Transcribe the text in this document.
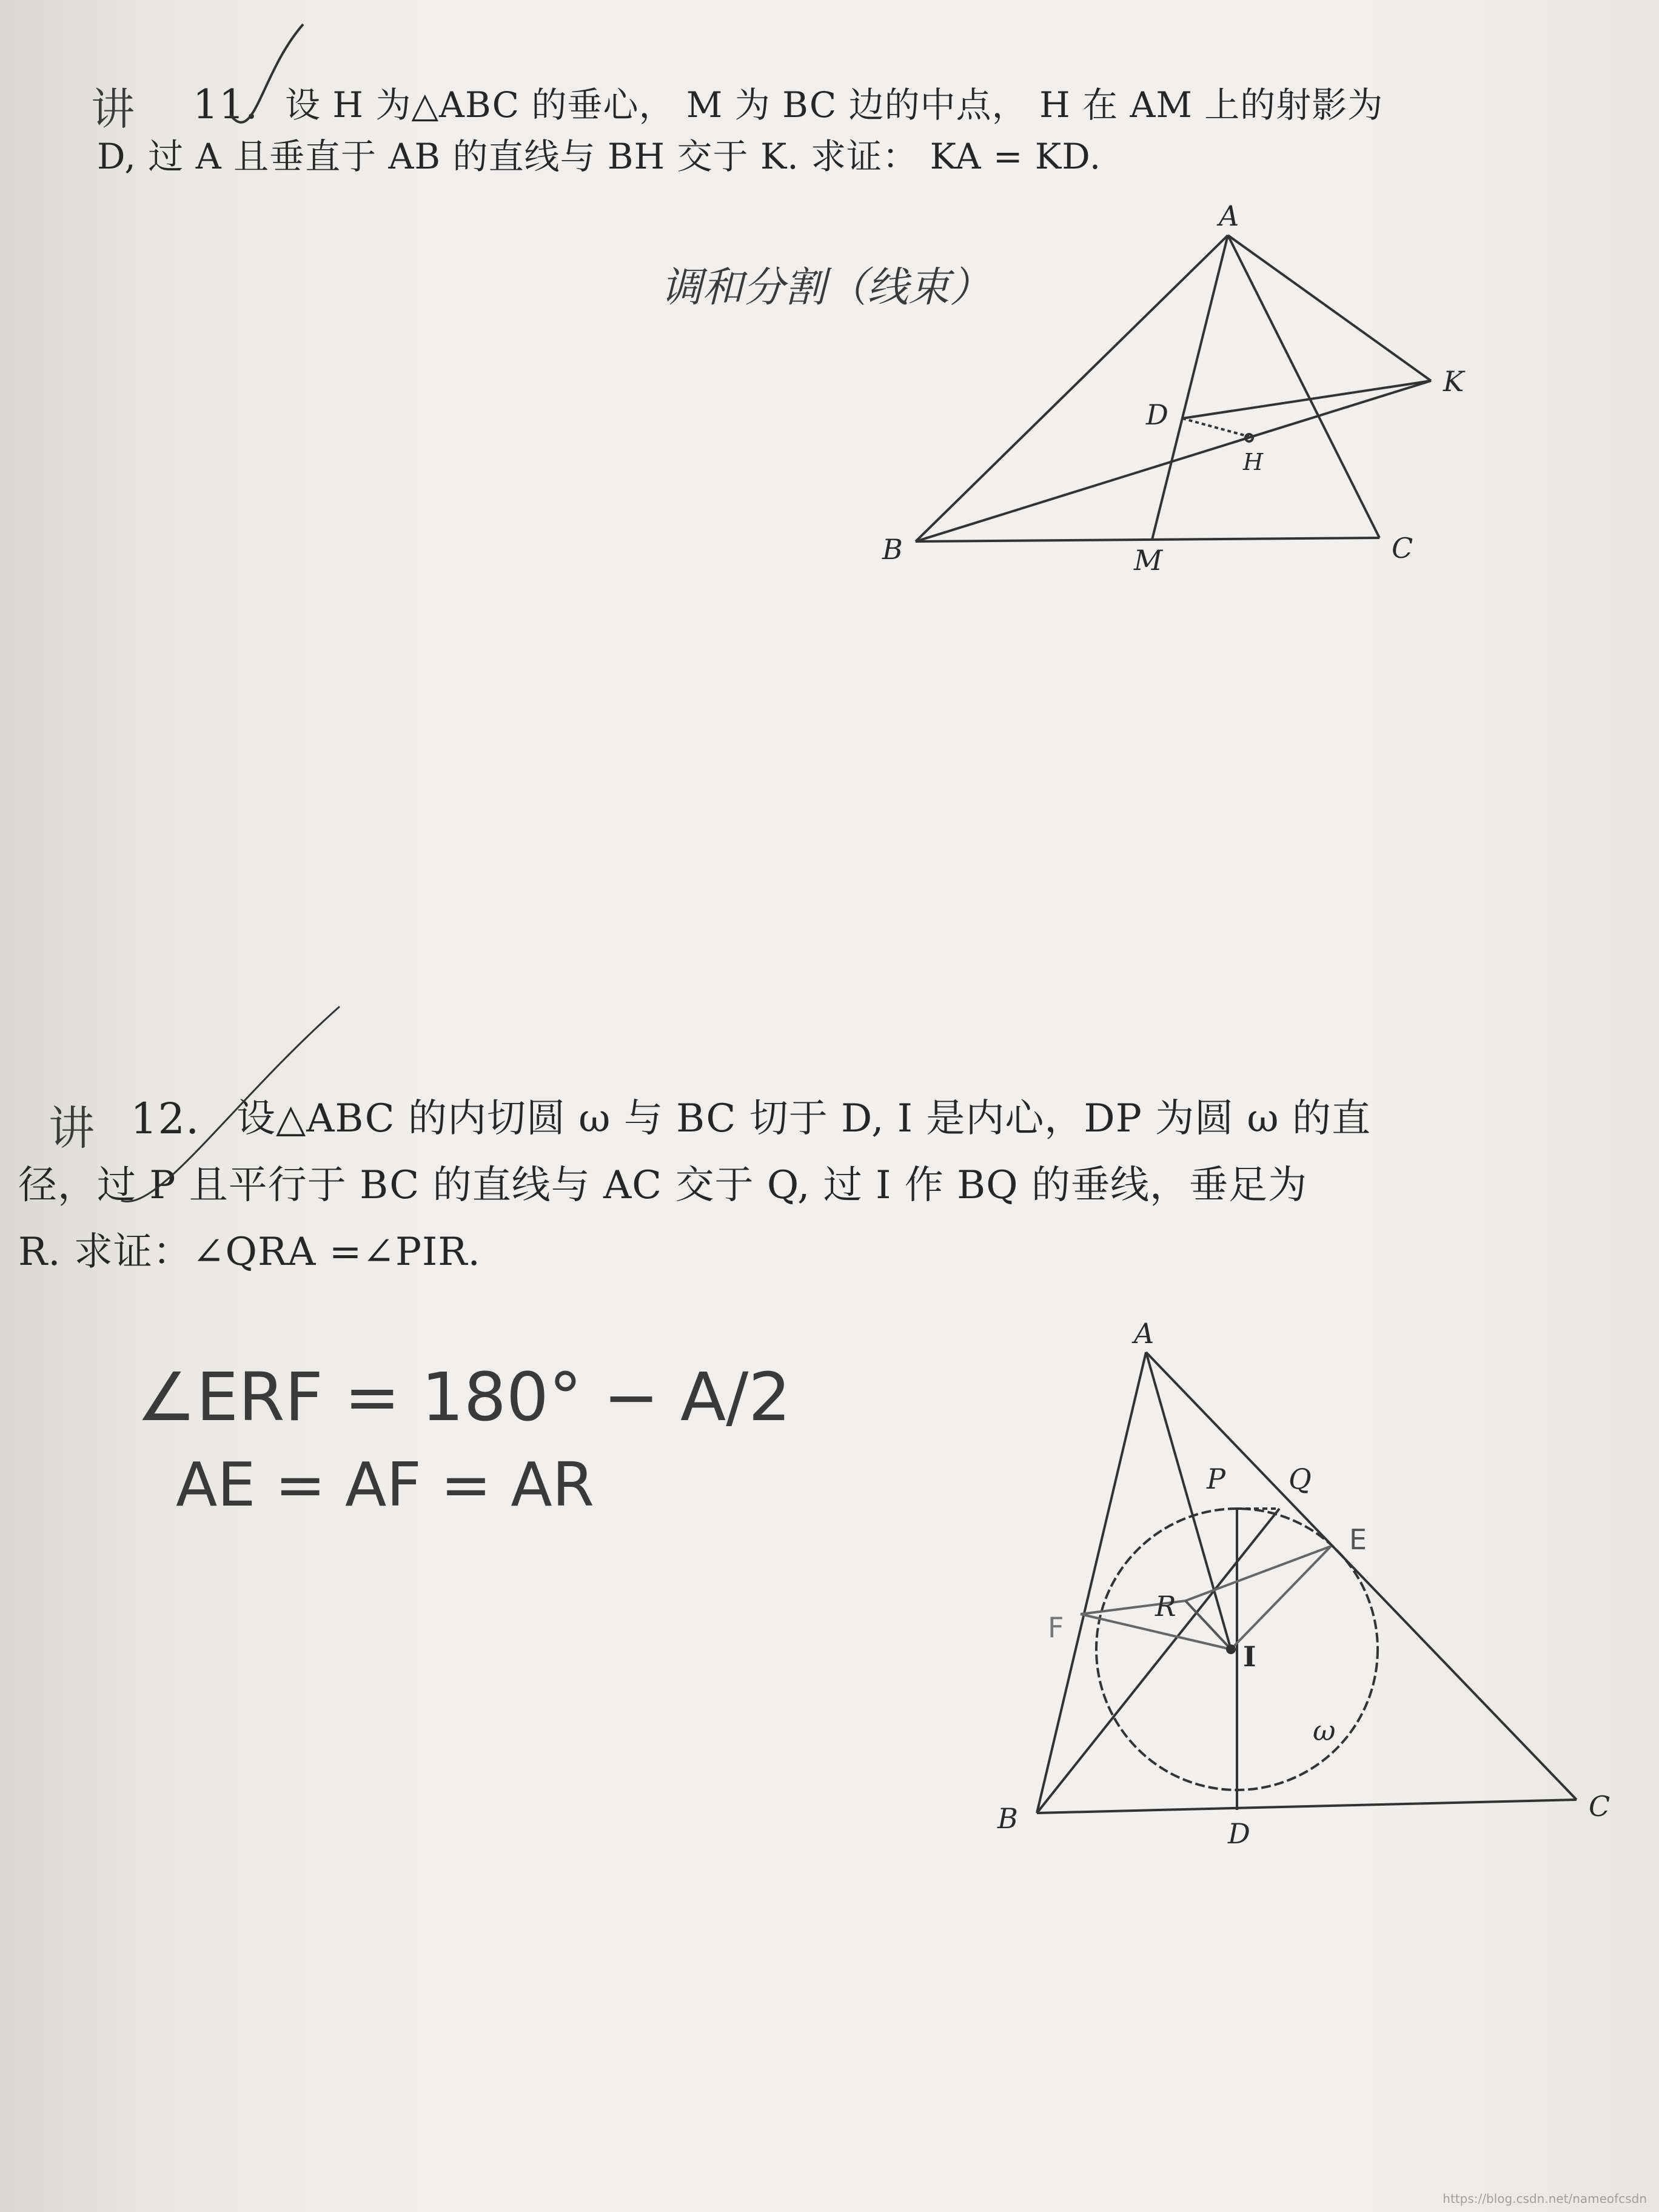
讲 11. 设 H 为△ABC 的垂心， M 为 BC 边的中点， H 在 AM 上的射影为
D, 过 A 且垂直于 AB 的直线与 BH 交于 K. 求证： KA = KD.
调和分割（线束）
讲 12. 设△ABC 的内切圆 ω 与 BC 切于 D, I 是内心，DP 为圆 ω 的直
径，过 P 且平行于 BC 的直线与 AC 交于 Q, 过 I 作 BQ 的垂线，垂足为
R. 求证：∠QRA =∠PIR.
∠ERF = 180° − A/2
AE = AF = AR
A
B	C
M
D
H
K
A
B	C
D
E
F
P Q
R
I
ω
https://blog.csdn.net/nameofcsdn
